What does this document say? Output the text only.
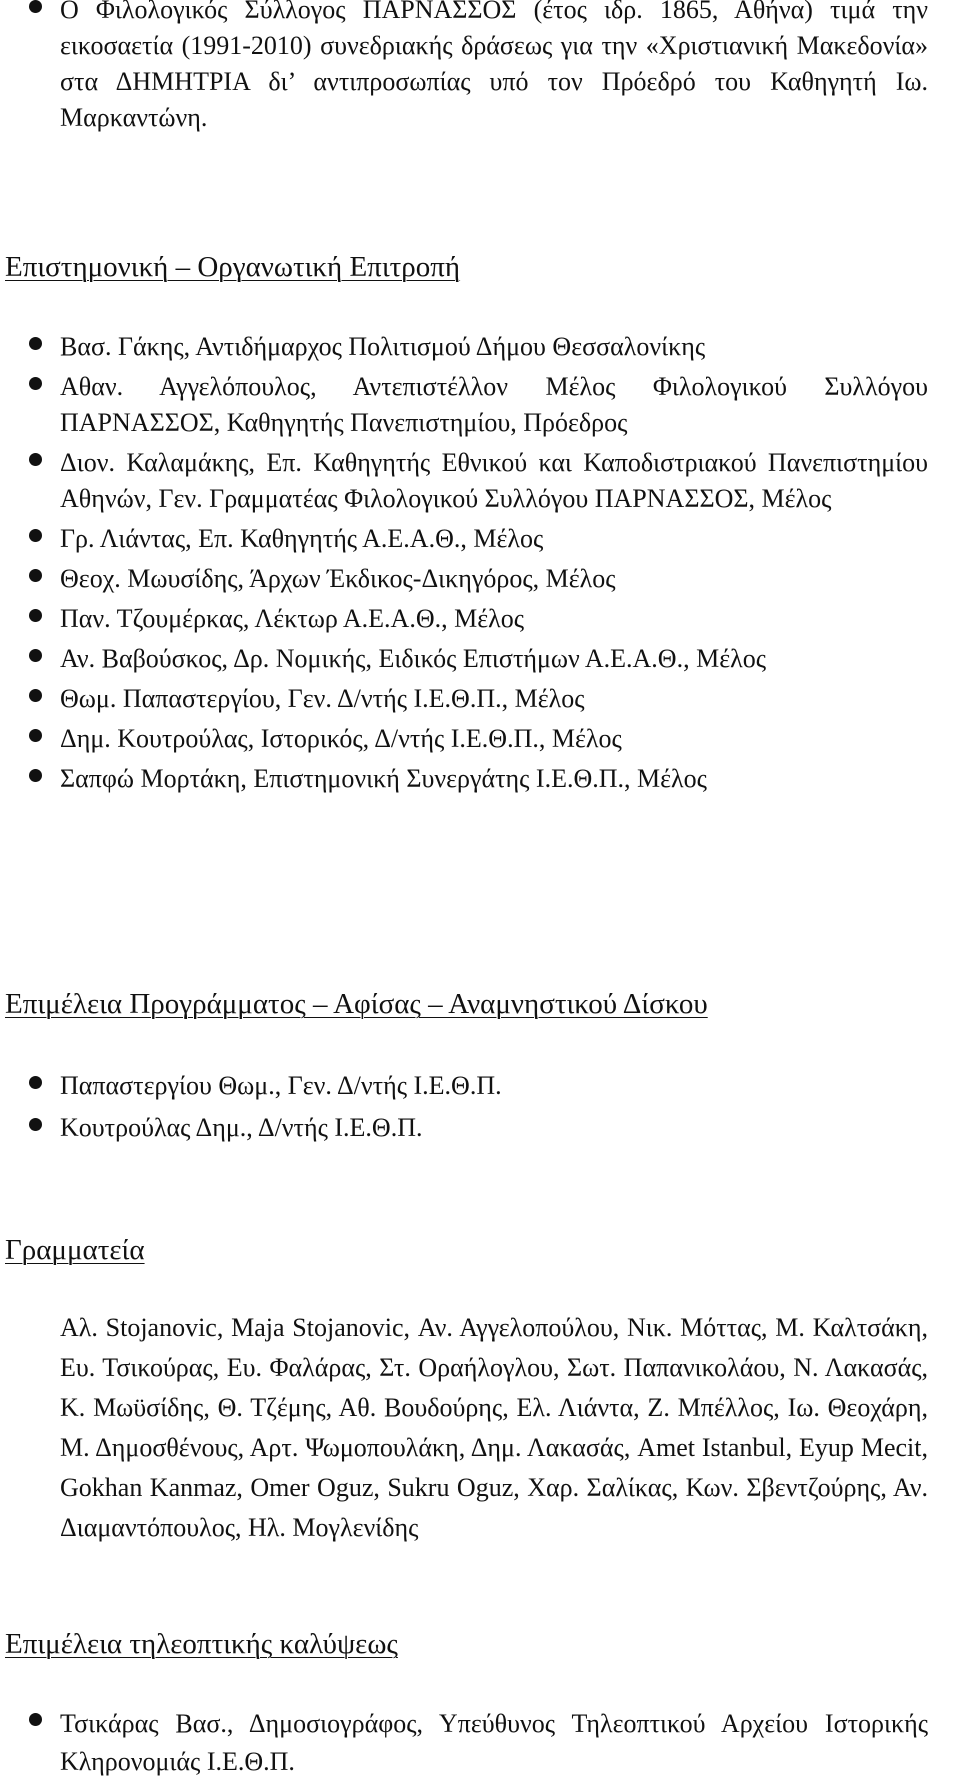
Ο Φιλολογικός Σύλλογος ΠΑΡΝΑΣΣΟΣ (έτος ιδρ. 1865, Αθήνα) τιμά την εικοσαετία (1991-2010) συνεδριακής δράσεως για την «Χριστιανική Μακεδονία» στα ΔΗΜΗΤΡΙΑ δι’ αντιπροσωπίας υπό τον Πρόεδρό του Καθηγητή Ιω. Μαρκαντώνη.
Επιστημονική – Οργανωτική Επιτροπή
Βασ. Γάκης, Αντιδήμαρχος Πολιτισμού Δήμου Θεσσαλονίκης
Αθαν. Αγγελόπουλος, Αντεπιστέλλον Μέλος Φιλολογικού Συλλόγου ΠΑΡΝΑΣΣΟΣ, Καθηγητής Πανεπιστημίου, Πρόεδρος
Διον. Καλαμάκης, Επ. Καθηγητής Εθνικού και Καποδιστριακού Πανεπιστημίου Αθηνών, Γεν. Γραμματέας Φιλολογικού Συλλόγου ΠΑΡΝΑΣΣΟΣ, Μέλος
Γρ. Λιάντας, Επ. Καθηγητής Α.Ε.Α.Θ., Μέλος
Θεοχ. Μωυσίδης, Άρχων Έκδικος-Δικηγόρος, Μέλος
Παν. Τζουμέρκας, Λέκτωρ Α.Ε.Α.Θ., Μέλος
Αν. Βαβούσκος, Δρ. Νομικής, Ειδικός Επιστήμων Α.Ε.Α.Θ., Μέλος
Θωμ. Παπαστεργίου, Γεν. Δ/ντής Ι.Ε.Θ.Π., Μέλος
Δημ. Κουτρούλας, Ιστορικός, Δ/ντής Ι.Ε.Θ.Π., Μέλος
Σαπφώ Μορτάκη, Επιστημονική Συνεργάτης Ι.Ε.Θ.Π., Μέλος
Επιμέλεια Προγράμματος – Αφίσας – Αναμνηστικού Δίσκου
Παπαστεργίου Θωμ., Γεν. Δ/ντής Ι.Ε.Θ.Π.
Κουτρούλας Δημ., Δ/ντής Ι.Ε.Θ.Π.
Γραμματεία

Αλ. Stojanovic, Maja Stojanovic, Αν. Αγγελοπούλου, Νικ. Μόττας, Μ. Καλτσάκη, Ευ. Τσικούρας, Ευ. Φαλάρας, Στ. Οραήλογλου, Σωτ. Παπανικολάου, Ν. Λακασάς, Κ. Μωϋσίδης, Θ. Τζέμης, Αθ. Βουδούρης, Ελ. Λιάντα, Ζ. Μπέλλος, Ιω. Θεοχάρη, Μ. Δημοσθένους, Αρτ. Ψωμοπουλάκη, Δημ. Λακασάς, Amet Istanbul, Eyup Mecit, Gokhan Kanmaz, Omer Oguz, Sukru Oguz, Χαρ. Σαλίκας, Κων. Σβεντζούρης, Αν. Διαμαντόπουλος, Ηλ. Μογλενίδης

Επιμέλεια τηλεοπτικής καλύψεως
Τσικάρας Βασ., Δημοσιογράφος, Υπεύθυνος Τηλεοπτικού Αρχείου Ιστορικής Κληρονομιάς Ι.Ε.Θ.Π.
